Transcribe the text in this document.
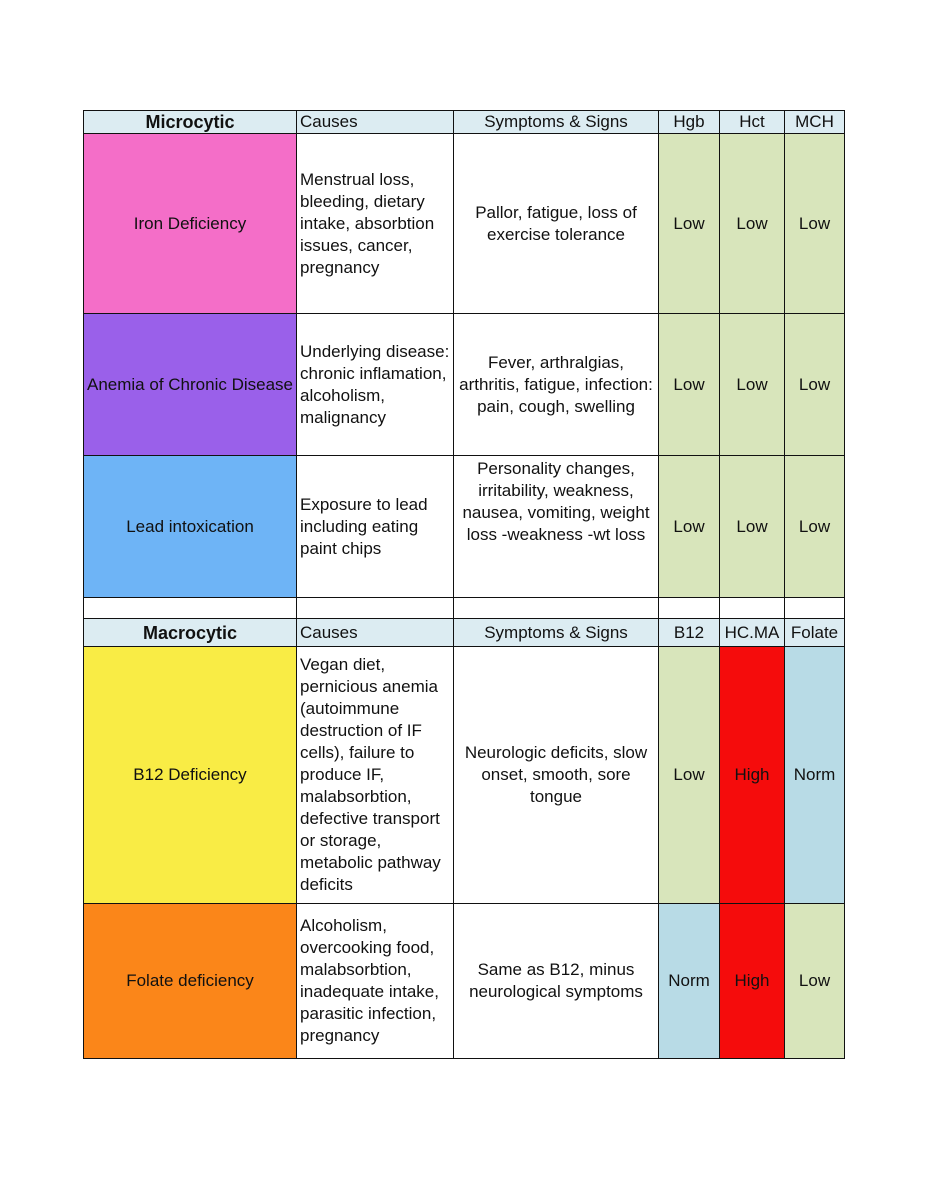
Microcytic	Causes	Symptoms & Signs	Hgb	Hct	MCH
Iron Deficiency	Menstrual loss, bleeding, dietary intake, absorbtion issues, cancer, pregnancy	Pallor, fatigue, loss of exercise tolerance	Low	Low	Low
Anemia of Chronic Disease	Underlying disease: chronic inflamation, alcoholism, malignancy	Fever, arthralgias, arthritis, fatigue, infection: pain, cough, swelling	Low	Low	Low
Lead intoxication	Exposure to lead including eating paint chips	Personality changes, irritability, weakness, nausea, vomiting, weight loss -weakness -wt loss	Low	Low	Low

Macrocytic	Causes	Symptoms & Signs	B12	HC.MA	Folate
B12 Deficiency	Vegan diet, pernicious anemia (autoimmune destruction of IF cells), failure to produce IF, malabsorbtion, defective transport or storage, metabolic pathway deficits	Neurologic deficits, slow onset, smooth, sore tongue	Low	High	Norm
Folate deficiency	Alcoholism, overcooking food, malabsorbtion, inadequate intake, parasitic infection, pregnancy	Same as B12, minus neurological symptoms	Norm	High	Low
